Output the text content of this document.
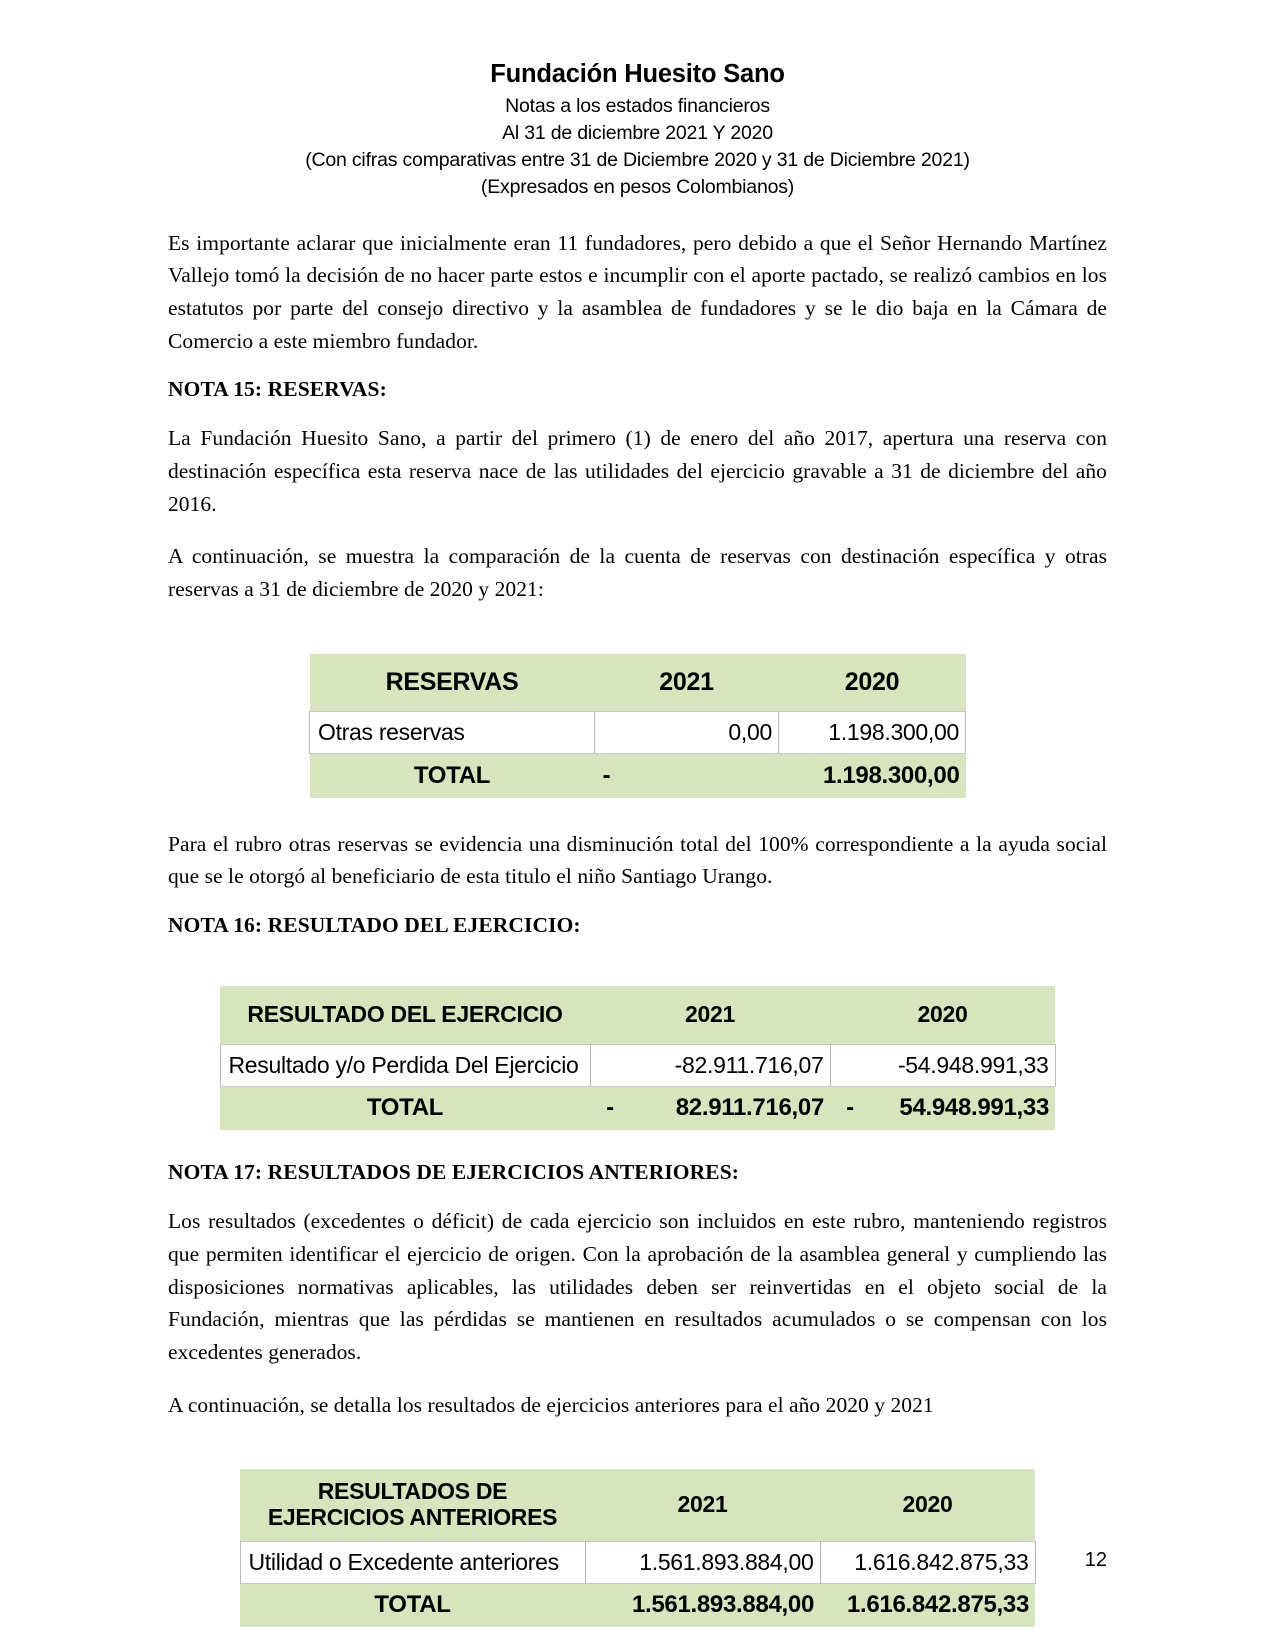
Fundación Huesito Sano
Notas a los estados financieros
Al 31 de diciembre 2021 Y 2020
(Con cifras comparativas entre 31 de Diciembre 2020 y 31 de Diciembre 2021)
(Expresados en pesos Colombianos)

Es importante aclarar que inicialmente eran 11 fundadores, pero debido a que el Señor Hernando Martínez Vallejo tomó la decisión de no hacer parte estos e incumplir con el aporte pactado, se realizó cambios en los estatutos por parte del consejo directivo y la asamblea de fundadores y se le dio baja en la Cámara de Comercio a este miembro fundador.

NOTA 15: RESERVAS:

La Fundación Huesito Sano, a partir del primero (1) de enero del año 2017, apertura una reserva con destinación específica esta reserva nace de las utilidades del ejercicio gravable a 31 de diciembre del año 2016.

A continuación, se muestra la comparación de la cuenta de reservas con destinación específica y otras reservas a 31 de diciembre de 2020 y 2021:

RESERVAS	2021		2020	
Otras reservas	0,00		1.198.300,00	
TOTAL	-			1.198.300,00

Para el rubro otras reservas se evidencia una disminución total del 100% correspondiente a la ayuda social que se le otorgó al beneficiario de esta titulo el niño Santiago Urango.

NOTA 16: RESULTADO DEL EJERCICIO:
RESULTADO DEL EJERCICIO	2021		2020	
Resultado y/o Perdida Del Ejercicio	-82.911.716,07		-54.948.991,33	
TOTAL	-	82.911.716,07	-	54.948.991,33
NOTA 17: RESULTADOS DE EJERCICIOS ANTERIORES:

Los resultados (excedentes o déficit) de cada ejercicio son incluidos en este rubro, manteniendo registros que permiten identificar el ejercicio de origen. Con la aprobación de la asamblea general y cumpliendo las disposiciones normativas aplicables, las utilidades deben ser reinvertidas en el objeto social de la Fundación, mientras que las pérdidas se mantienen en resultados acumulados o se compensan con los excedentes generados.

A continuación, se detalla los resultados de ejercicios anteriores para el año 2020 y 2021

RESULTADOS DE
EJERCICIOS ANTERIORES	2021	2020
Utilidad o Excedente anteriores	1.561.893.884,00	1.616.842.875,33
TOTAL	1.561.893.884,00	1.616.842.875,33
12
